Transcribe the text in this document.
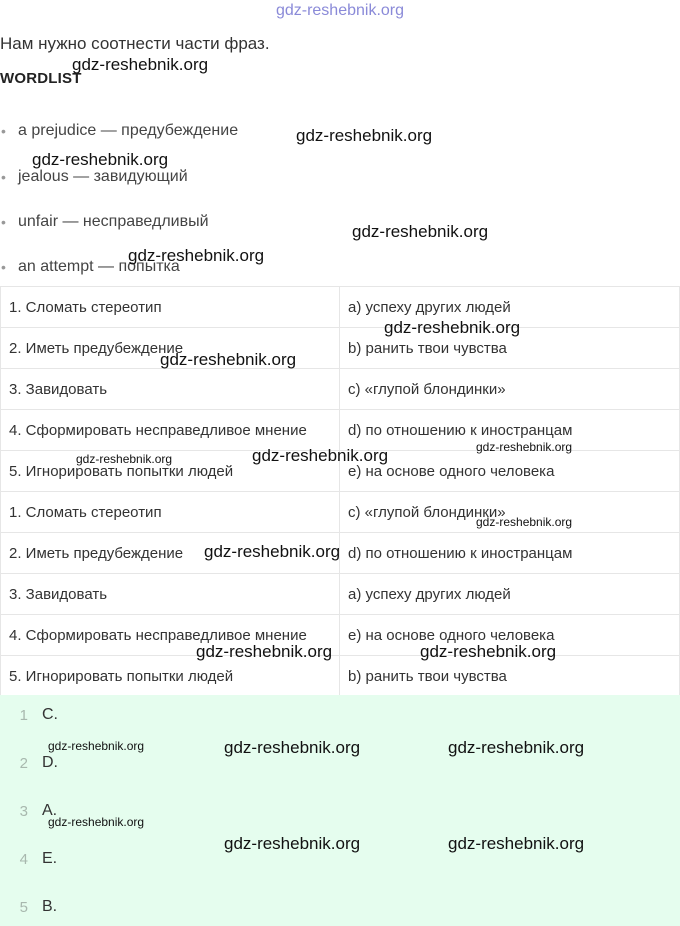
gdz-reshebnik.org
Нам нужно соотнести части фраз.
WORDLIST
• a prejudice — предубеждение
• jealous — завидующий
• unfair — несправедливый
• an attempt — попытка
1. Сломать стереотип	a) успеху других людей
2. Иметь предубеждение	b) ранить твои чувства
3. Завидовать	c) «глупой блондинки»
4. Сформировать несправедливое мнение	d) по отношению к иностранцам
5. Игнорировать попытки людей	e) на основе одного человека
1. Сломать стереотип	c) «глупой блондинки»
2. Иметь предубеждение	d) по отношению к иностранцам
3. Завидовать	a) успеху других людей
4. Сформировать несправедливое мнение	e) на основе одного человека
5. Игнорировать попытки людей	b) ранить твои чувства
1 C.
2 D.
3 A.
4 E.
5 B.
gdz-reshebnik.org
gdz-reshebnik.org
gdz-reshebnik.org
gdz-reshebnik.org
gdz-reshebnik.org
gdz-reshebnik.org
gdz-reshebnik.org
gdz-reshebnik.org
gdz-reshebnik.org
gdz-reshebnik.org
gdz-reshebnik.org
gdz-reshebnik.org
gdz-reshebnik.org	gdz-reshebnik.org
gdz-reshebnik.org	gdz-reshebnik.org	gdz-reshebnik.org
gdz-reshebnik.org
gdz-reshebnik.org	gdz-reshebnik.org
